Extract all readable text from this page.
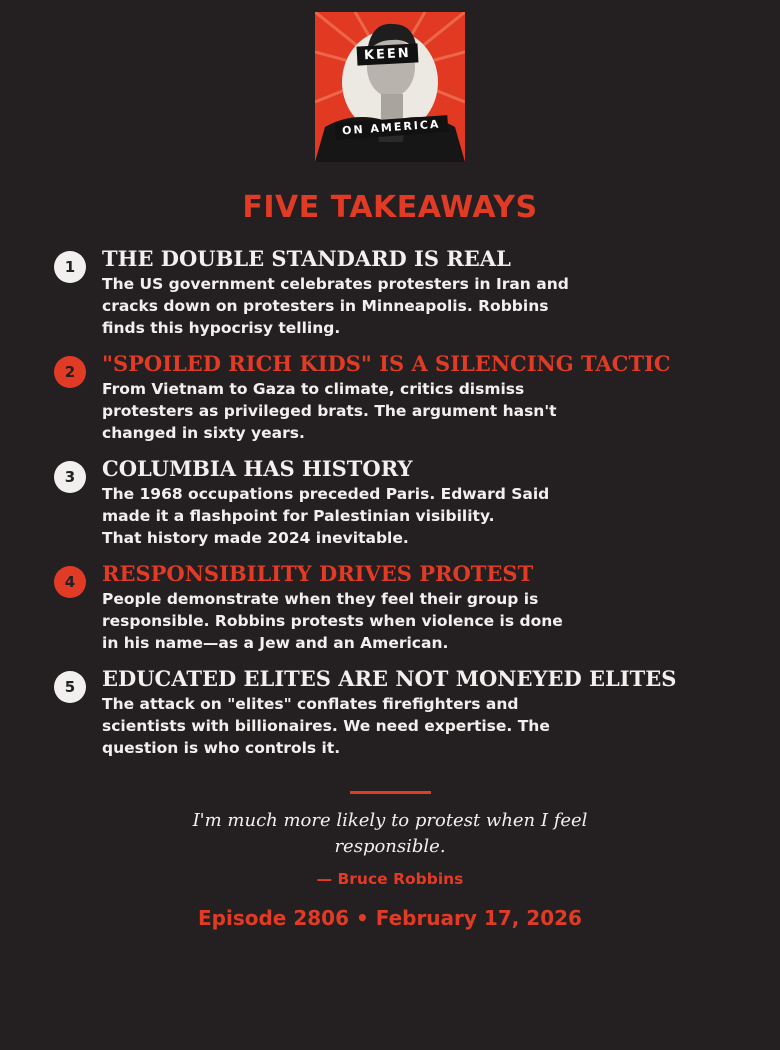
KEEN
ON AMERICA
FIVE TAKEAWAYS
1	THE DOUBLE STANDARD IS REAL
The US government celebrates protesters in Iran and
cracks down on protesters in Minneapolis. Robbins
finds this hypocrisy telling.
2	"SPOILED RICH KIDS" IS A SILENCING TACTIC
From Vietnam to Gaza to climate, critics dismiss
protesters as privileged brats. The argument hasn't
changed in sixty years.
3	COLUMBIA HAS HISTORY
The 1968 occupations preceded Paris. Edward Said
made it a flashpoint for Palestinian visibility.
That history made 2024 inevitable.
4	RESPONSIBILITY DRIVES PROTEST
People demonstrate when they feel their group is
responsible. Robbins protests when violence is done
in his name—as a Jew and an American.
5	EDUCATED ELITES ARE NOT MONEYED ELITES
The attack on "elites" conflates firefighters and
scientists with billionaires. We need expertise. The
question is who controls it.
I'm much more likely to protest when I feel
responsible.
— Bruce Robbins
Episode 2806 • February 17, 2026
